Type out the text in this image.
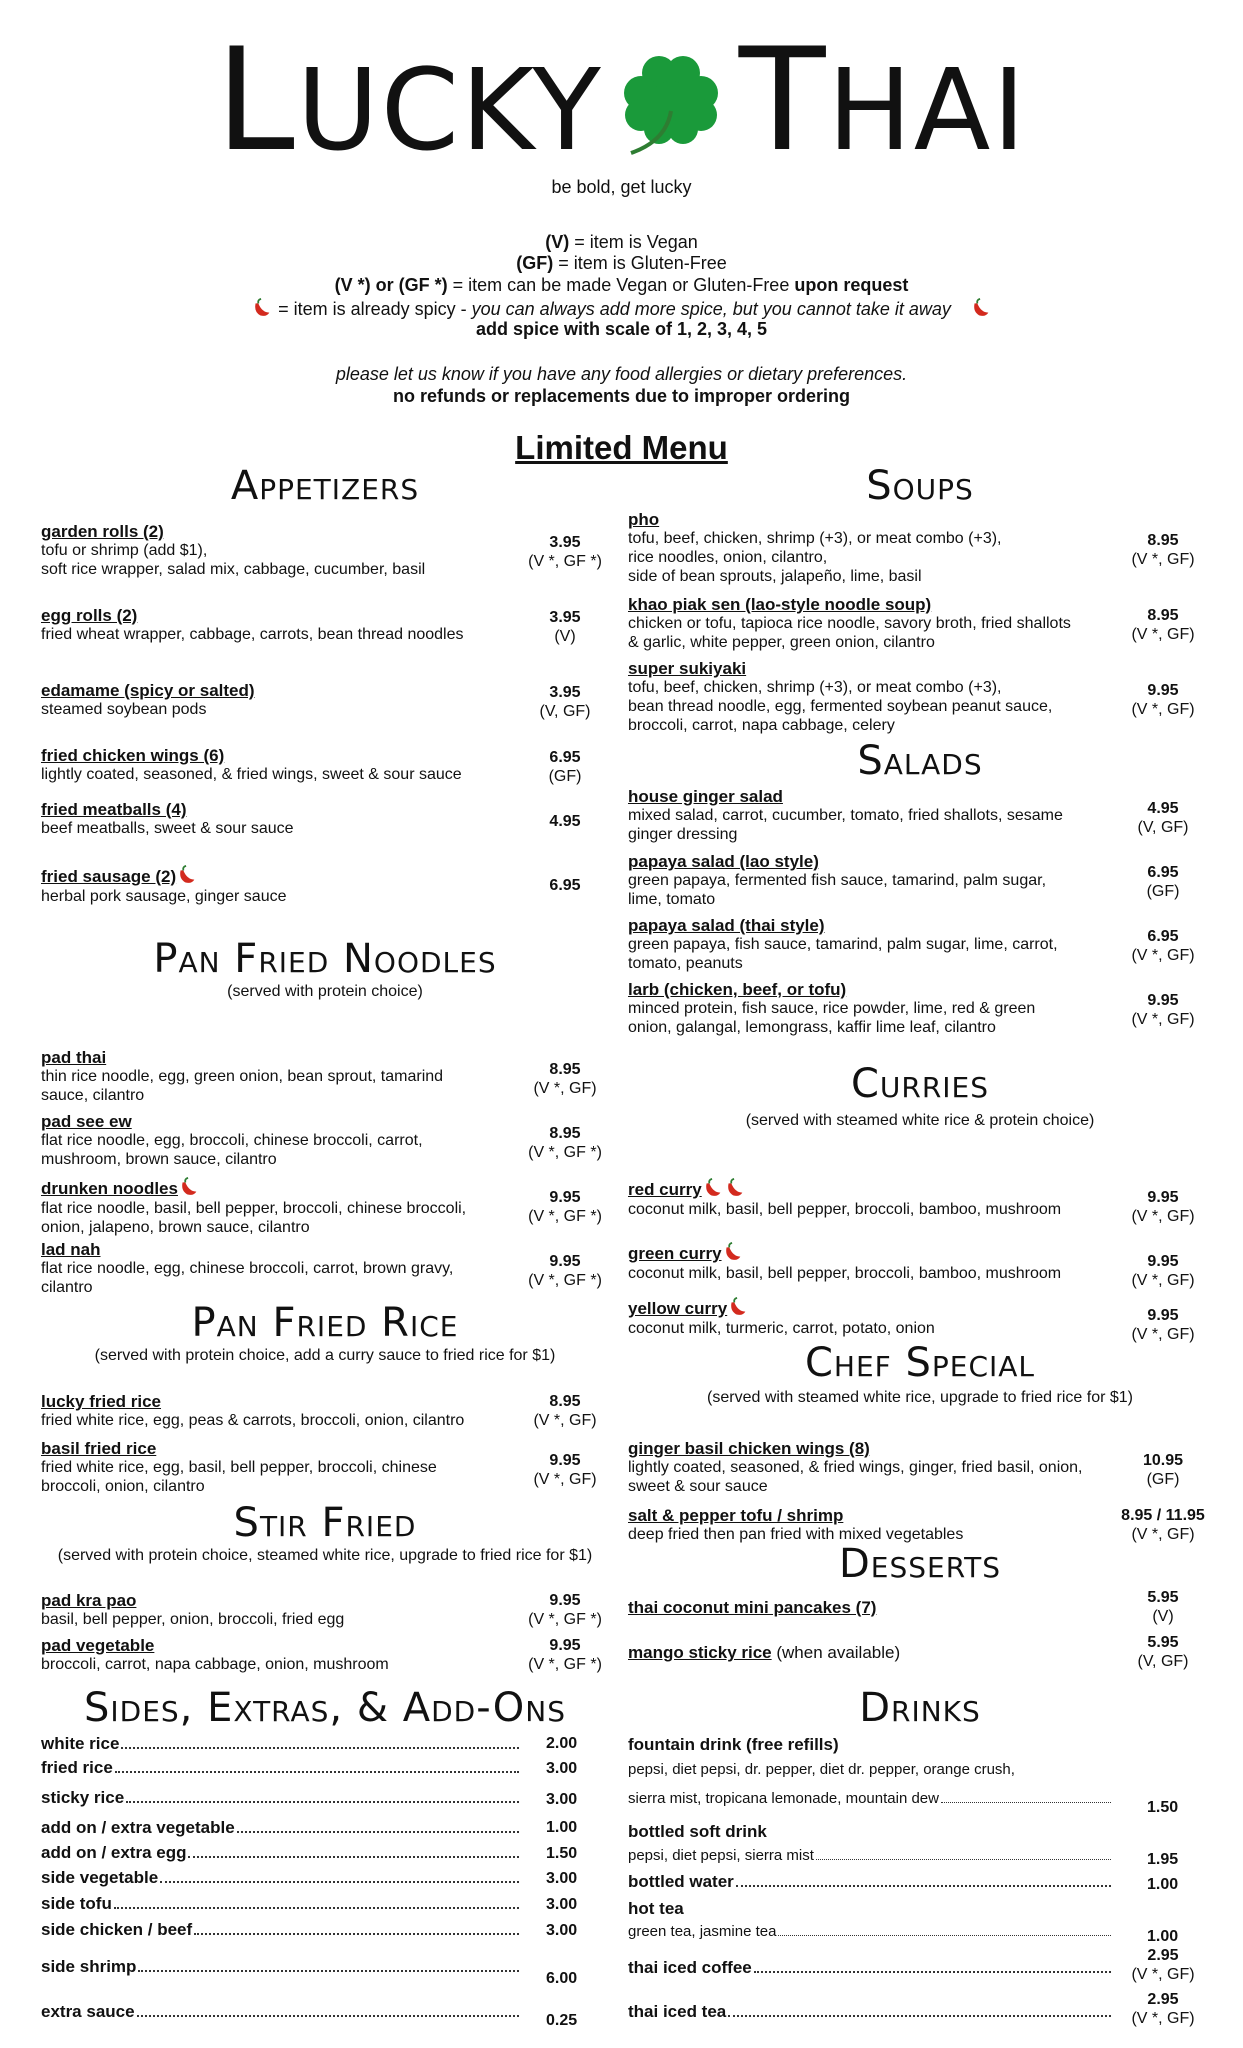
LUCKY THAI
be bold, get lucky
(V) = item is Vegan
(GF) = item is Gluten-Free
(V *) or (GF *) = item can be made Vegan or Gluten-Free upon request
= item is already spicy - you can always add more spice, but you cannot take it away
add spice with scale of 1, 2, 3, 4, 5
please let us know if you have any food allergies or dietary preferences.
no refunds or replacements due to improper ordering
Limited Menu
Appetizers
garden rolls (2)
tofu or shrimp (add $1),
soft rice wrapper, salad mix, cabbage, cucumber, basil
3.95
(V *, GF *)
egg rolls (2)
fried wheat wrapper, cabbage, carrots, bean thread noodles
3.95
(V)
edamame (spicy or salted)
steamed soybean pods
3.95
(V, GF)
fried chicken wings (6)
lightly coated, seasoned, & fried wings, sweet & sour sauce
6.95
(GF)
fried meatballs (4)
beef meatballs, sweet & sour sauce	4.95
fried sausage (2)
herbal pork sausage, ginger sauce
6.95
Pan Fried Noodles
(served with protein choice)
pad thai
thin rice noodle, egg, green onion, bean sprout, tamarind
sauce, cilantro
8.95
(V *, GF)
pad see ew
flat rice noodle, egg, broccoli, chinese broccoli, carrot,
mushroom, brown sauce, cilantro
8.95
(V *, GF *)
drunken noodles
flat rice noodle, basil, bell pepper, broccoli, chinese broccoli,
onion, jalapeno, brown sauce, cilantro
9.95
(V *, GF *)
lad nah
flat rice noodle, egg, chinese broccoli, carrot, brown gravy,
cilantro
9.95
(V *, GF *)
Pan Fried Rice
(served with protein choice, add a curry sauce to fried rice for $1)
lucky fried rice
fried white rice, egg, peas & carrots, broccoli, onion, cilantro
8.95
(V *, GF)
basil fried rice
fried white rice, egg, basil, bell pepper, broccoli, chinese
broccoli, onion, cilantro
9.95
(V *, GF)
Stir Fried
(served with protein choice, steamed white rice, upgrade to fried rice for $1)
pad kra pao
basil, bell pepper, onion, broccoli, fried egg
9.95
(V *, GF *)
pad vegetable
broccoli, carrot, napa cabbage, onion, mushroom
9.95
(V *, GF *)
Sides, Extras, & Add-Ons
white rice	2.00
fried rice	3.00
sticky rice	3.00
add on / extra vegetable	1.00
add on / extra egg	1.50
side vegetable	3.00
side tofu	3.00
side chicken / beef	3.00
side shrimp
6.00
extra sauce	0.25
Soups
pho
tofu, beef, chicken, shrimp (+3), or meat combo (+3),
rice noodles, onion, cilantro,
side of bean sprouts, jalapeño, lime, basil
8.95
(V *, GF)
khao piak sen (lao-style noodle soup)
chicken or tofu, tapioca rice noodle, savory broth, fried shallots
& garlic, white pepper, green onion, cilantro
8.95
(V *, GF)
super sukiyaki
tofu, beef, chicken, shrimp (+3), or meat combo (+3),
bean thread noodle, egg, fermented soybean peanut sauce,
broccoli, carrot, napa cabbage, celery
9.95
(V *, GF)
Salads
house ginger salad
mixed salad, carrot, cucumber, tomato, fried shallots, sesame
ginger dressing
4.95
(V, GF)
papaya salad (lao style)
green papaya, fermented fish sauce, tamarind, palm sugar,
lime, tomato
6.95
(GF)
papaya salad (thai style)
green papaya, fish sauce, tamarind, palm sugar, lime, carrot,
tomato, peanuts
6.95
(V *, GF)
larb (chicken, beef, or tofu)
minced protein, fish sauce, rice powder, lime, red & green
onion, galangal, lemongrass, kaffir lime leaf, cilantro
9.95
(V *, GF)
Curries
(served with steamed white rice & protein choice)
red curry
coconut milk, basil, bell pepper, broccoli, bamboo, mushroom
9.95
(V *, GF)
green curry
coconut milk, basil, bell pepper, broccoli, bamboo, mushroom
9.95
(V *, GF)
yellow curry
coconut milk, turmeric, carrot, potato, onion
9.95
(V *, GF)
Chef Special
(served with steamed white rice, upgrade to fried rice for $1)
ginger basil chicken wings (8)
lightly coated, seasoned, & fried wings, ginger, fried basil, onion,
sweet & sour sauce
10.95
(GF)
salt & pepper tofu / shrimp
deep fried then pan fried with mixed vegetables
8.95 / 11.95
(V *, GF)
Desserts
thai coconut mini pancakes (7)
5.95
(V)
mango sticky rice (when available)
5.95
(V, GF)
Drinks
fountain drink (free refills)
pepsi, diet pepsi, dr. pepper, diet dr. pepper, orange crush,
sierra mist, tropicana lemonade, mountain dew
1.50
bottled soft drink
pepsi, diet pepsi, sierra mist	1.95
bottled water	1.00
hot tea
green tea, jasmine tea	1.00
thai iced coffee
2.95
(V *, GF)
thai iced tea
2.95
(V *, GF)
